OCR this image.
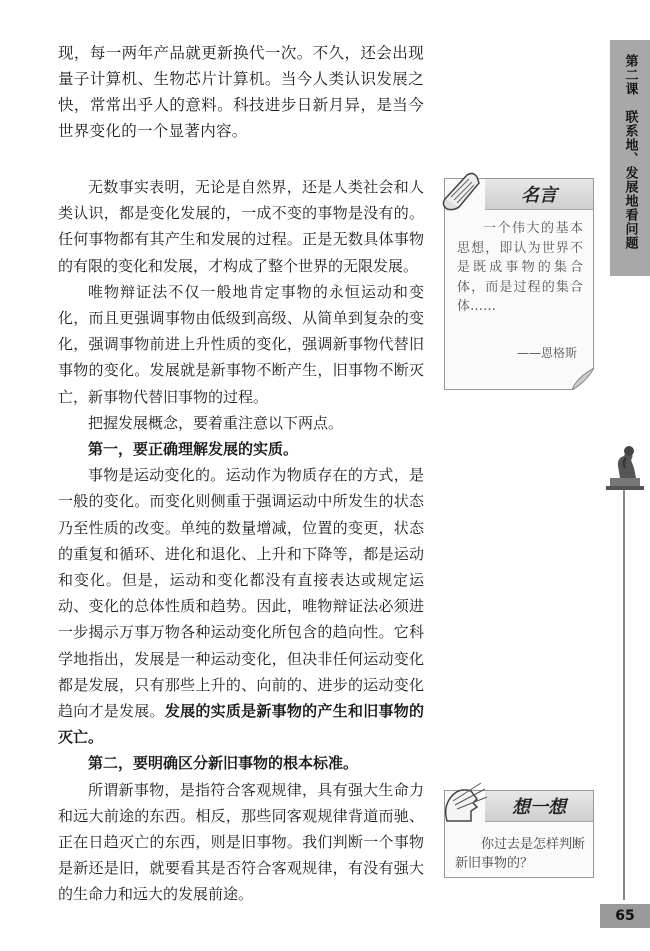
现，每一两年产品就更新换代一次。不久，还会出现量子计算机、生物芯片计算机。当今人类认识发展之快，常常出乎人的意料。科技进步日新月异，是当今世界变化的一个显著内容。

无数事实表明，无论是自然界，还是人类社会和人类认识，都是变化发展的，一成不变的事物是没有的。任何事物都有其产生和发展的过程。正是无数具体事物的有限的变化和发展，才构成了整个世界的无限发展。

唯物辩证法不仅一般地肯定事物的永恒运动和变化，而且更强调事物由低级到高级、从简单到复杂的变化，强调事物前进上升性质的变化，强调新事物代替旧事物的变化。发展就是新事物不断产生，旧事物不断灭亡，新事物代替旧事物的过程。

把握发展概念，要着重注意以下两点。

第一，要正确理解发展的实质。

事物是运动变化的。运动作为物质存在的方式，是一般的变化。而变化则侧重于强调运动中所发生的状态乃至性质的改变。单纯的数量增减，位置的变更，状态的重复和循环、进化和退化、上升和下降等，都是运动和变化。但是，运动和变化都没有直接表达或规定运动、变化的总体性质和趋势。因此，唯物辩证法必须进一步揭示万事万物各种运动变化所包含的趋向性。它科学地指出，发展是一种运动变化，但决非任何运动变化都是发展，只有那些上升的、向前的、进步的运动变化趋向才是发展。发展的实质是新事物的产生和旧事物的灭亡。

第二，要明确区分新旧事物的根本标准。

所谓新事物，是指符合客观规律，具有强大生命力和远大前途的东西。相反，那些同客观规律背道而驰、正在日趋灭亡的东西，则是旧事物。我们判断一个事物是新还是旧，就要看其是否符合客观规律，有没有强大的生命力和远大的发展前途。

第二课　联系地、发展地看问题
65
名言
一个伟大的基本思想，即认为世界不是既成事物的集合体，而是过程的集合体……
——恩格斯
想一想
你过去是怎样判断新旧事物的？
